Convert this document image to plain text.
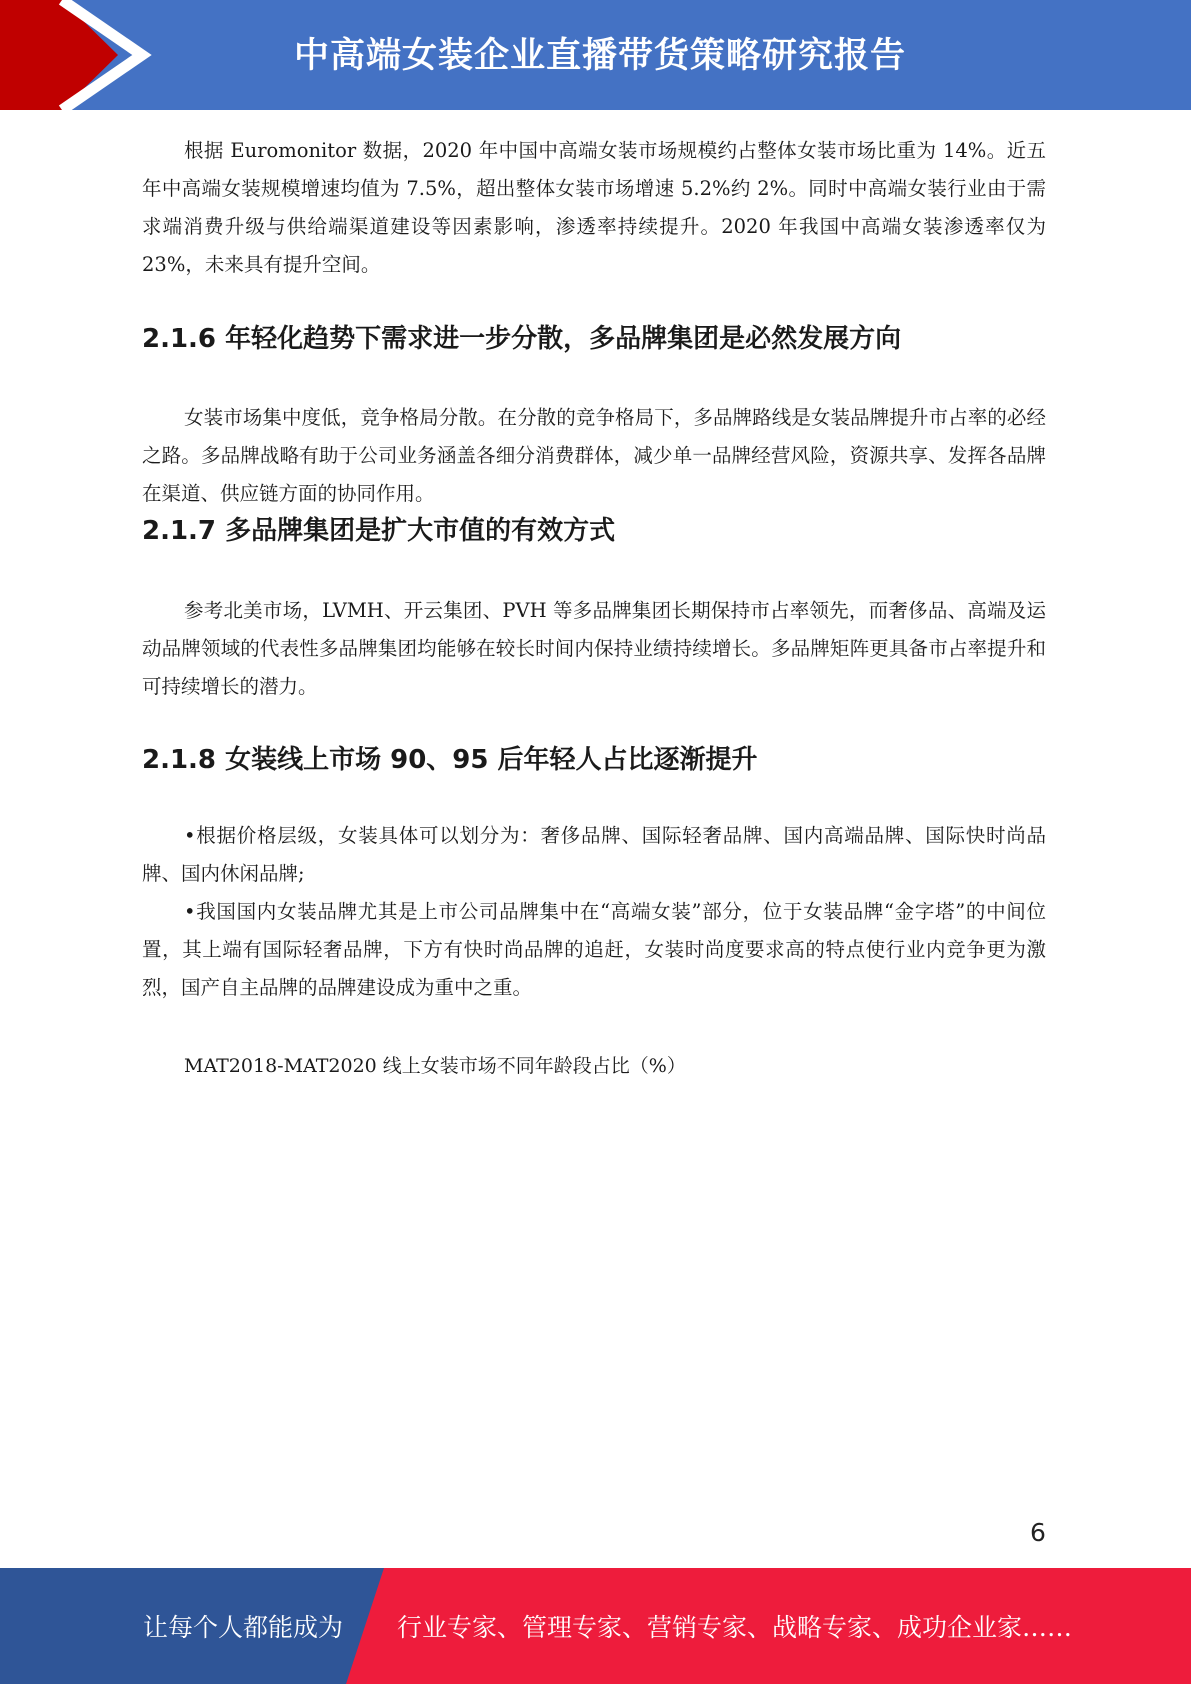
中高端女装企业直播带货策略研究报告

根据 Euromonitor 数据，2020 年中国中高端女装市场规模约占整体女装市场比重为 14%。近五年中高端女装规模增速均值为 7.5%，超出整体女装市场增速 5.2%约 2%。同时中高端女装行业由于需求端消费升级与供给端渠道建设等因素影响，渗透率持续提升。2020 年我国中高端女装渗透率仅为 23%，未来具有提升空间。

2.1.6 年轻化趋势下需求进一步分散，多品牌集团是必然发展方向

女装市场集中度低，竞争格局分散。在分散的竞争格局下，多品牌路线是女装品牌提升市占率的必经之路。多品牌战略有助于公司业务涵盖各细分消费群体，减少单一品牌经营风险，资源共享、发挥各品牌在渠道、供应链方面的协同作用。

2.1.7 多品牌集团是扩大市值的有效方式

参考北美市场，LVMH、开云集团、PVH 等多品牌集团长期保持市占率领先，而奢侈品、高端及运动品牌领域的代表性多品牌集团均能够在较长时间内保持业绩持续增长。多品牌矩阵更具备市占率提升和可持续增长的潜力。

2.1.8 女装线上市场 90、95 后年轻人占比逐渐提升

•根据价格层级，女装具体可以划分为：奢侈品牌、国际轻奢品牌、国内高端品牌、国际快时尚品牌、国内休闲品牌;

•我国国内女装品牌尤其是上市公司品牌集中在“高端女装”部分，位于女装品牌“金字塔”的中间位置，其上端有国际轻奢品牌，下方有快时尚品牌的追赶，女装时尚度要求高的特点使行业内竞争更为激烈，国产自主品牌的品牌建设成为重中之重。

MAT2018-MAT2020 线上女装市场不同年龄段占比（%）

6
让每个人都能成为 行业专家、管理专家、营销专家、战略专家、成功企业家……
